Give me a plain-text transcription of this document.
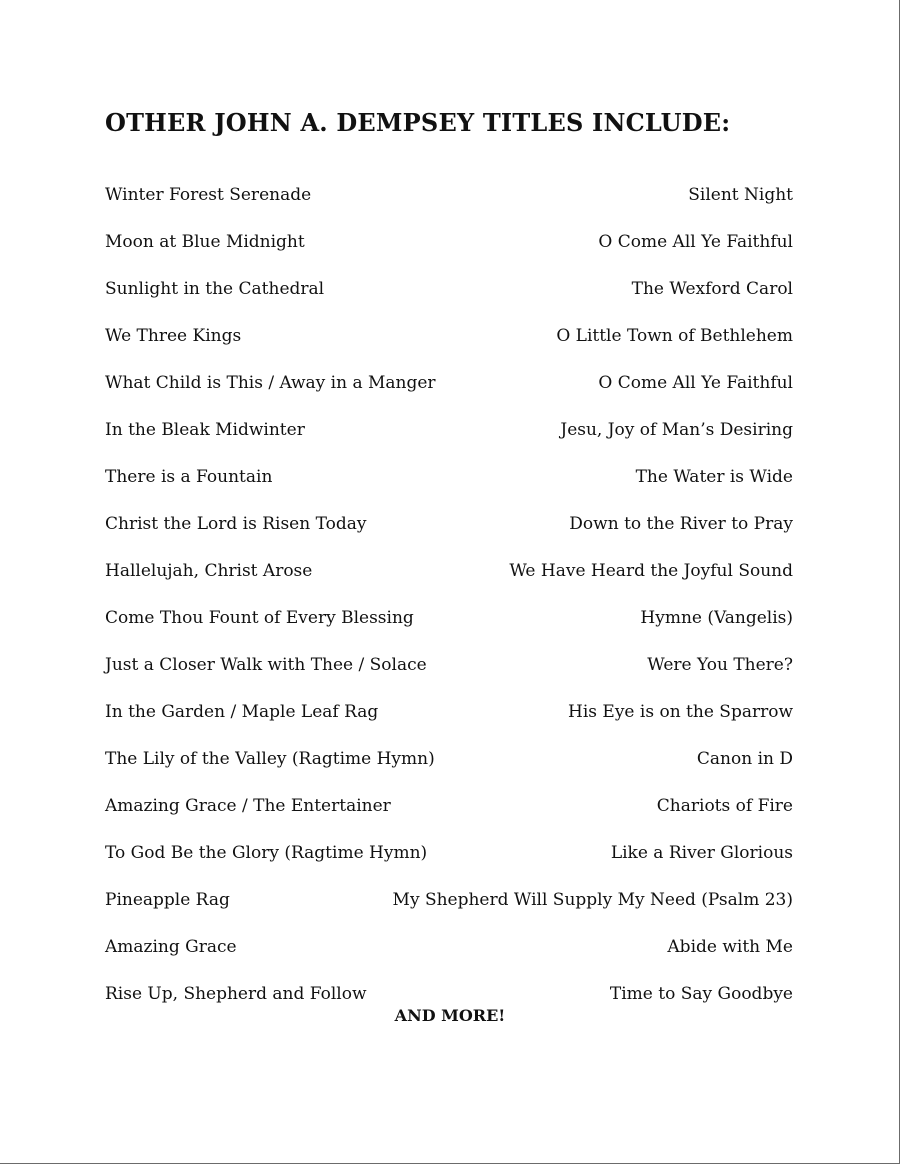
OTHER JOHN A. DEMPSEY TITLES INCLUDE:
Winter Forest Serenade	Silent Night
Moon at Blue Midnight	O Come All Ye Faithful
Sunlight in the Cathedral	The Wexford Carol
We Three Kings	O Little Town of Bethlehem
What Child is This / Away in a Manger	O Come All Ye Faithful
In the Bleak Midwinter	Jesu, Joy of Man’s Desiring
There is a Fountain	The Water is Wide
Christ the Lord is Risen Today	Down to the River to Pray
Hallelujah, Christ Arose	We Have Heard the Joyful Sound
Come Thou Fount of Every Blessing	Hymne (Vangelis)
Just a Closer Walk with Thee / Solace	Were You There?
In the Garden / Maple Leaf Rag	His Eye is on the Sparrow
The Lily of the Valley (Ragtime Hymn)	Canon in D
Amazing Grace / The Entertainer	Chariots of Fire
To God Be the Glory (Ragtime Hymn)	Like a River Glorious
Pineapple Rag	My Shepherd Will Supply My Need (Psalm 23)
Amazing Grace	Abide with Me
Rise Up, Shepherd and Follow	Time to Say Goodbye
AND MORE!
